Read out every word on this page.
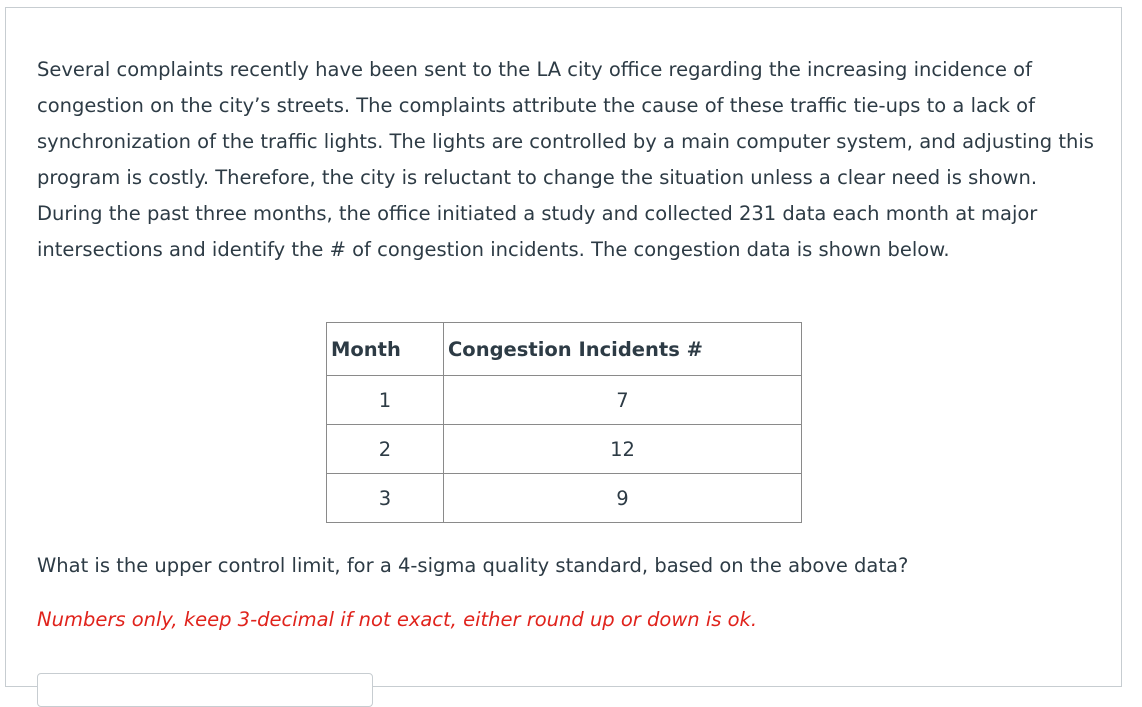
Several complaints recently have been sent to the LA city office regarding the increasing incidence of congestion on the city’s streets. The complaints attribute the cause of these traffic tie-ups to a lack of synchronization of the traffic lights. The lights are controlled by a main computer system, and adjusting this program is costly. Therefore, the city is reluctant to change the situation unless a clear need is shown. During the past three months, the office initiated a study and collected 231 data each month at major intersections and identify the # of congestion incidents. The congestion data is shown below.

Month	Congestion Incidents #
1	7
2	12
3	9

What is the upper control limit, for a 4-sigma quality standard, based on the above data?

Numbers only, keep 3-decimal if not exact, either round up or down is ok.
